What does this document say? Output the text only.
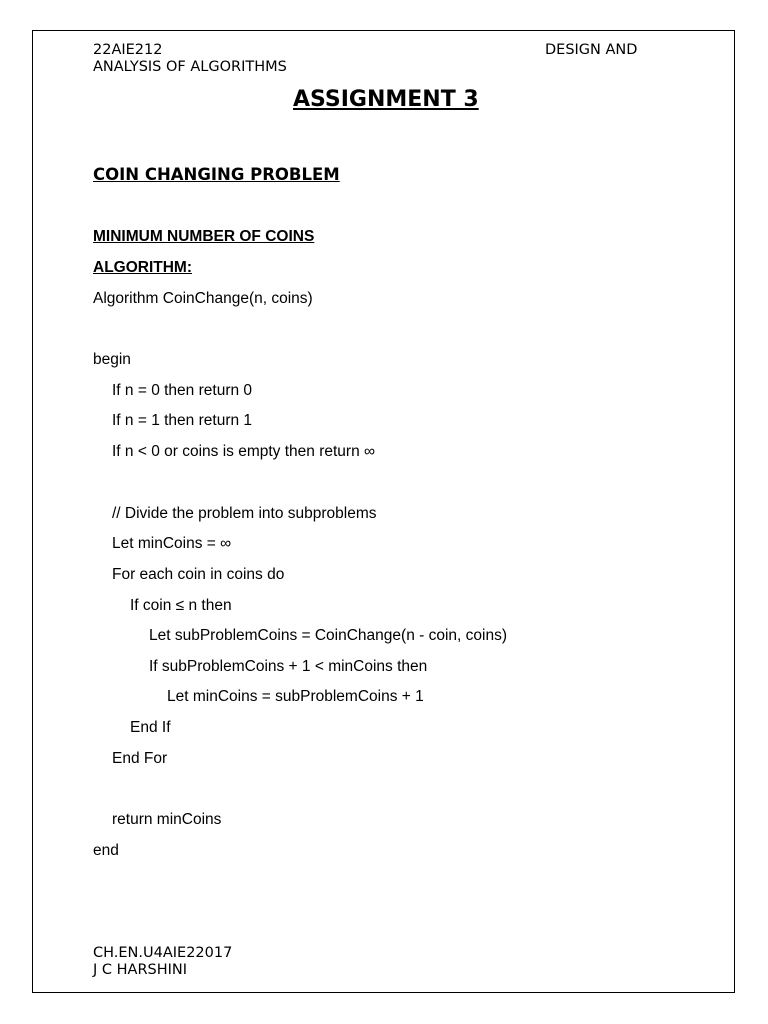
22AIE212	DESIGN AND
ANALYSIS OF ALGORITHMS
ASSIGNMENT 3
COIN CHANGING PROBLEM
MINIMUM NUMBER OF COINS
ALGORITHM:
Algorithm CoinChange(n, coins)
begin
If n = 0 then return 0
If n = 1 then return 1
If n < 0 or coins is empty then return ∞
// Divide the problem into subproblems
Let minCoins = ∞
For each coin in coins do
If coin ≤ n then
Let subProblemCoins = CoinChange(n - coin, coins)
If subProblemCoins + 1 < minCoins then
Let minCoins = subProblemCoins + 1
End If
End For
return minCoins
end
CH.EN.U4AIE22017
J C HARSHINI
